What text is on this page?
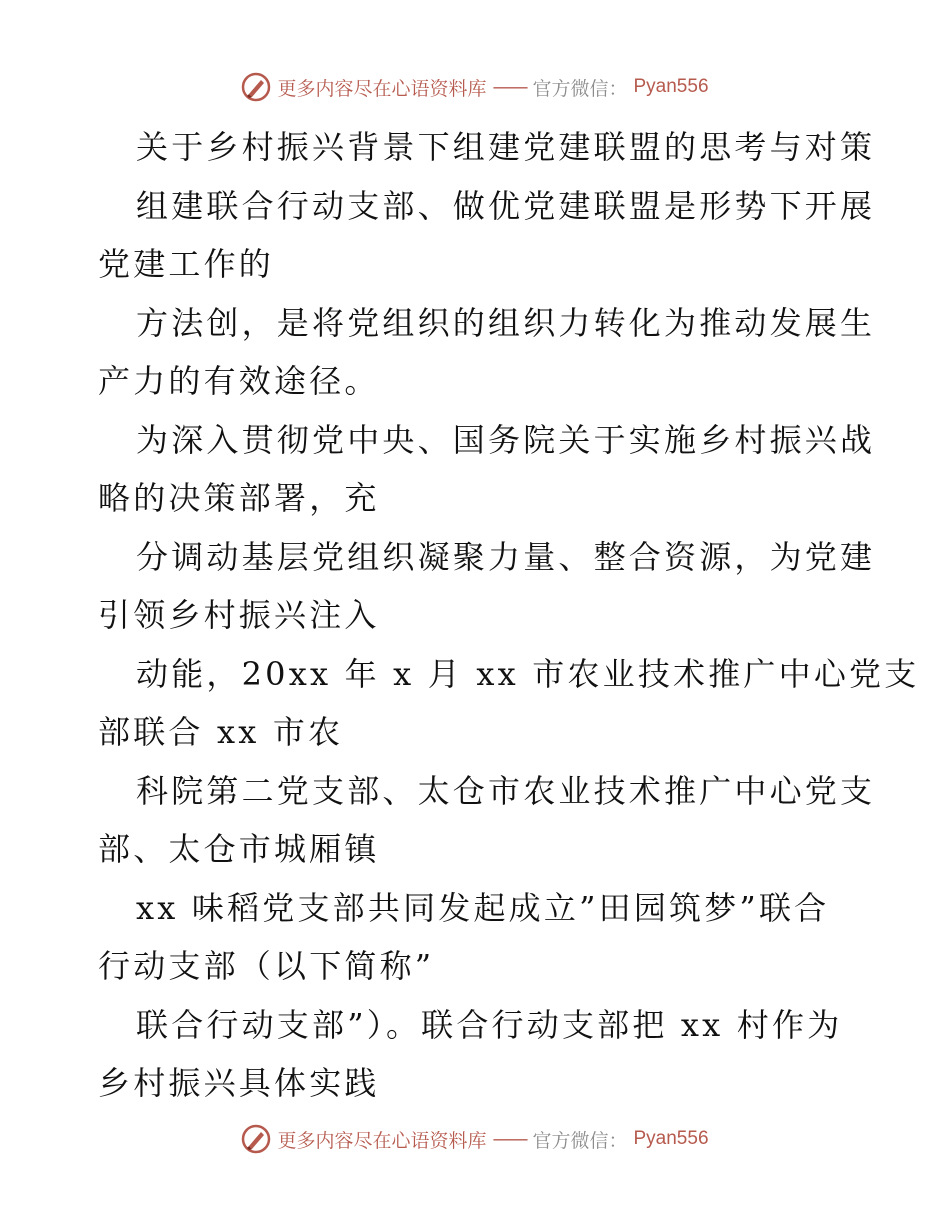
更多内容尽在心语资料库 —— 官方微信： Pyan556
关于乡村振兴背景下组建党建联盟的思考与对策
组建联合行动支部、做优党建联盟是形势下开展
党建工作的
方法创，是将党组织的组织力转化为推动发展生
产力的有效途径。
为深入贯彻党中央、国务院关于实施乡村振兴战
略的决策部署，充
分调动基层党组织凝聚力量、整合资源，为党建
引领乡村振兴注入
动能，20xx 年 x 月 xx 市农业技术推广中心党支
部联合 xx 市农
科院第二党支部、太仓市农业技术推广中心党支
部、太仓市城厢镇
xx 味稻党支部共同发起成立”田园筑梦”联合
行动支部（以下简称”
联合行动支部”）。联合行动支部把 xx 村作为
乡村振兴具体实践
更多内容尽在心语资料库 —— 官方微信： Pyan556
